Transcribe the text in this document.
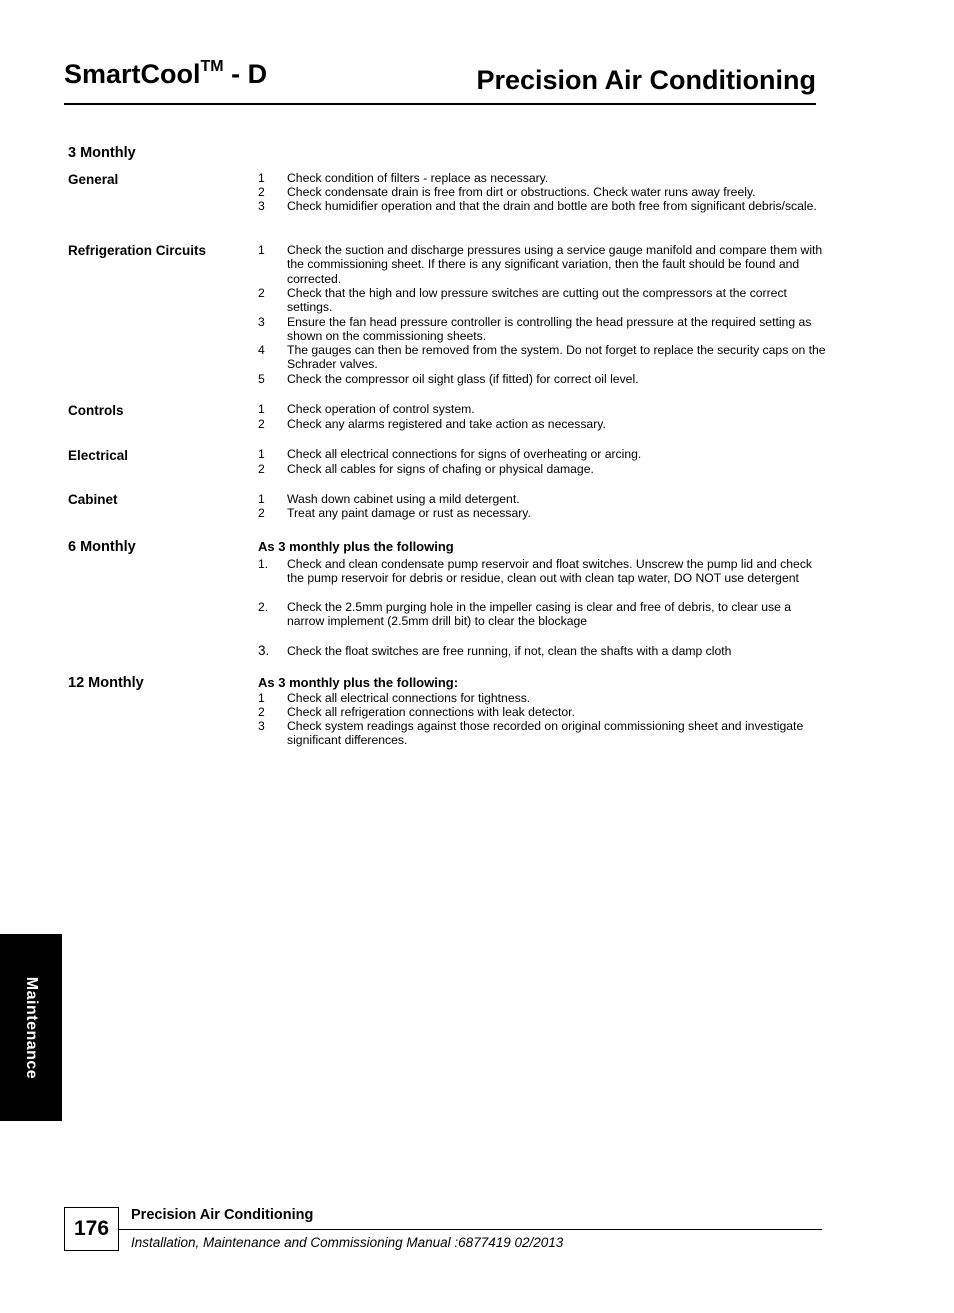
SmartCool™ - D	Precision Air Conditioning
3 Monthly
General	1 Check condition of filters - replace as necessary.
2 Check condensate drain is free from dirt or obstructions. Check water runs away freely.
3 Check humidifier operation and that the drain and bottle are both free from significant debris/scale.
Refrigeration Circuits	1 Check the suction and discharge pressures using a service gauge manifold and compare them with the commissioning sheet. If there is any significant variation, then the fault should be found and corrected.
2 Check that the high and low pressure switches are cutting out the compressors at the correct settings.
3 Ensure the fan head pressure controller is controlling the head pressure at the required setting as shown on the commissioning sheets.
4 The gauges can then be removed from the system. Do not forget to replace the security caps on the Schrader valves.
5 Check the compressor oil sight glass (if fitted) for correct oil level.
Controls	1 Check operation of control system.
2 Check any alarms registered and take action as necessary.
Electrical	1 Check all electrical connections for signs of overheating or arcing.
2 Check all cables for signs of chafing or physical damage.
Cabinet	1 Wash down cabinet using a mild detergent.
2 Treat any paint damage or rust as necessary.
6 Monthly	As 3 monthly plus the following
1. Check and clean condensate pump reservoir and float switches. Unscrew the pump lid and check the pump reservoir for debris or residue, clean out with clean tap water, DO NOT use detergent
2. Check the 2.5mm purging hole in the impeller casing is clear and free of debris, to clear use a narrow implement (2.5mm drill bit) to clear the blockage
3. Check the float switches are free running, if not, clean the shafts with a damp cloth
12 Monthly	As 3 monthly plus the following:
1 Check all electrical connections for tightness.
2 Check all refrigeration connections with leak detector.
3 Check system readings against those recorded on original commissioning sheet and investigate significant differences.
Maintenance
176
Precision Air Conditioning
Installation, Maintenance and Commissioning Manual :6877419 02/2013
